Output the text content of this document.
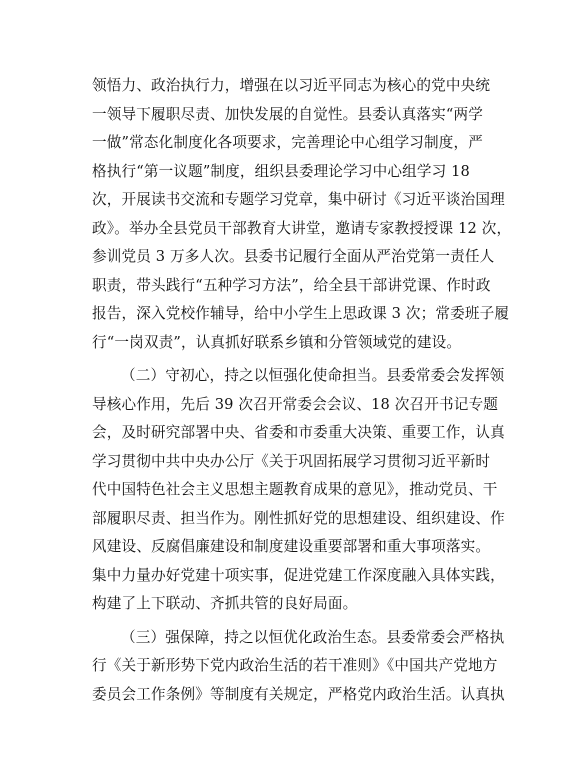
领悟力、政治执行力，增强在以习近平同志为核心的党中央统
一领导下履职尽责、加快发展的自觉性。县委认真落实“两学
一做”常态化制度化各项要求，完善理论中心组学习制度，严
格执行“第一议题”制度，组织县委理论学习中心组学习 18
次，开展读书交流和专题学习党章，集中研讨《习近平谈治国理
政》。举办全县党员干部教育大讲堂，邀请专家教授授课 12 次，
参训党员 3 万多人次。县委书记履行全面从严治党第一责任人
职责，带头践行“五种学习方法”，给全县干部讲党课、作时政
报告，深入党校作辅导，给中小学生上思政课 3 次；常委班子履
行“一岗双责”，认真抓好联系乡镇和分管领域党的建设。
（二）守初心，持之以恒强化使命担当。县委常委会发挥领
导核心作用，先后 39 次召开常委会会议、18 次召开书记专题
会，及时研究部署中央、省委和市委重大决策、重要工作，认真
学习贯彻中共中央办公厅《关于巩固拓展学习贯彻习近平新时
代中国特色社会主义思想主题教育成果的意见》，推动党员、干
部履职尽责、担当作为。刚性抓好党的思想建设、组织建设、作
风建设、反腐倡廉建设和制度建设重要部署和重大事项落实。
集中力量办好党建十项实事，促进党建工作深度融入具体实践，
构建了上下联动、齐抓共管的良好局面。
（三）强保障，持之以恒优化政治生态。县委常委会严格执
行《关于新形势下党内政治生活的若干准则》《中国共产党地方
委员会工作条例》等制度有关规定，严格党内政治生活。认真执
